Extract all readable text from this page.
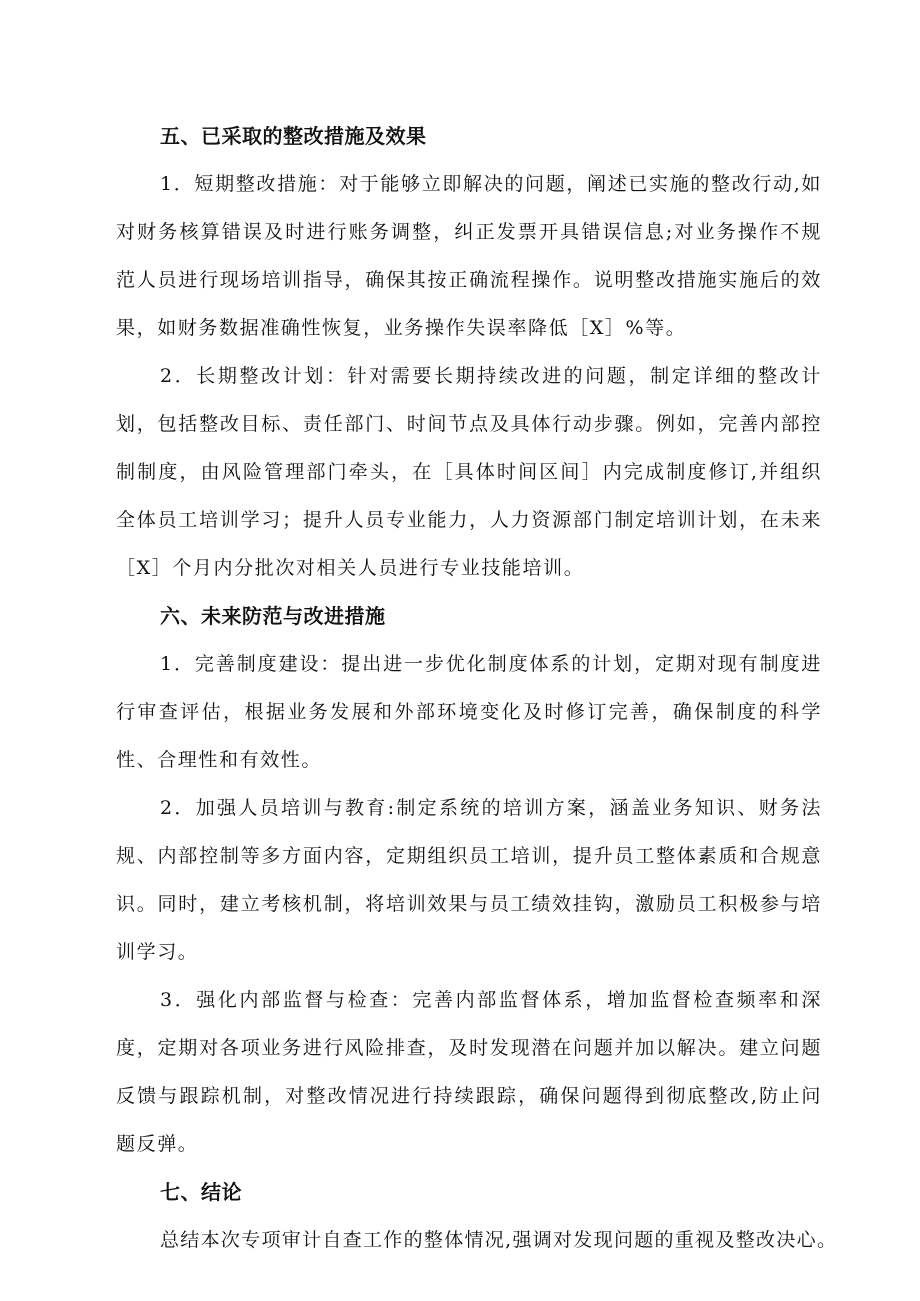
五、已采取的整改措施及效果

1．短期整改措施：对于能够立即解决的问题，阐述已实施的整改行动,如对财务核算错误及时进行账务调整，纠正发票开具错误信息;对业务操作不规范人员进行现场培训指导，确保其按正确流程操作。说明整改措施实施后的效果，如财务数据准确性恢复，业务操作失误率降低［X］%等。

2．长期整改计划：针对需要长期持续改进的问题，制定详细的整改计划，包括整改目标、责任部门、时间节点及具体行动步骤。例如，完善内部控制制度，由风险管理部门牵头，在［具体时间区间］内完成制度修订,并组织全体员工培训学习；提升人员专业能力，人力资源部门制定培训计划，在未来［X］个月内分批次对相关人员进行专业技能培训。

六、未来防范与改进措施

1．完善制度建设：提出进一步优化制度体系的计划，定期对现有制度进行审查评估，根据业务发展和外部环境变化及时修订完善，确保制度的科学性、合理性和有效性。

2．加强人员培训与教育:制定系统的培训方案，涵盖业务知识、财务法规、内部控制等多方面内容，定期组织员工培训，提升员工整体素质和合规意识。同时，建立考核机制，将培训效果与员工绩效挂钩，激励员工积极参与培训学习。

3．强化内部监督与检查：完善内部监督体系，增加监督检查频率和深度，定期对各项业务进行风险排查，及时发现潜在问题并加以解决。建立问题反馈与跟踪机制，对整改情况进行持续跟踪，确保问题得到彻底整改,防止问题反弹。

七、结论

总结本次专项审计自查工作的整体情况,强调对发现问题的重视及整改决心。
